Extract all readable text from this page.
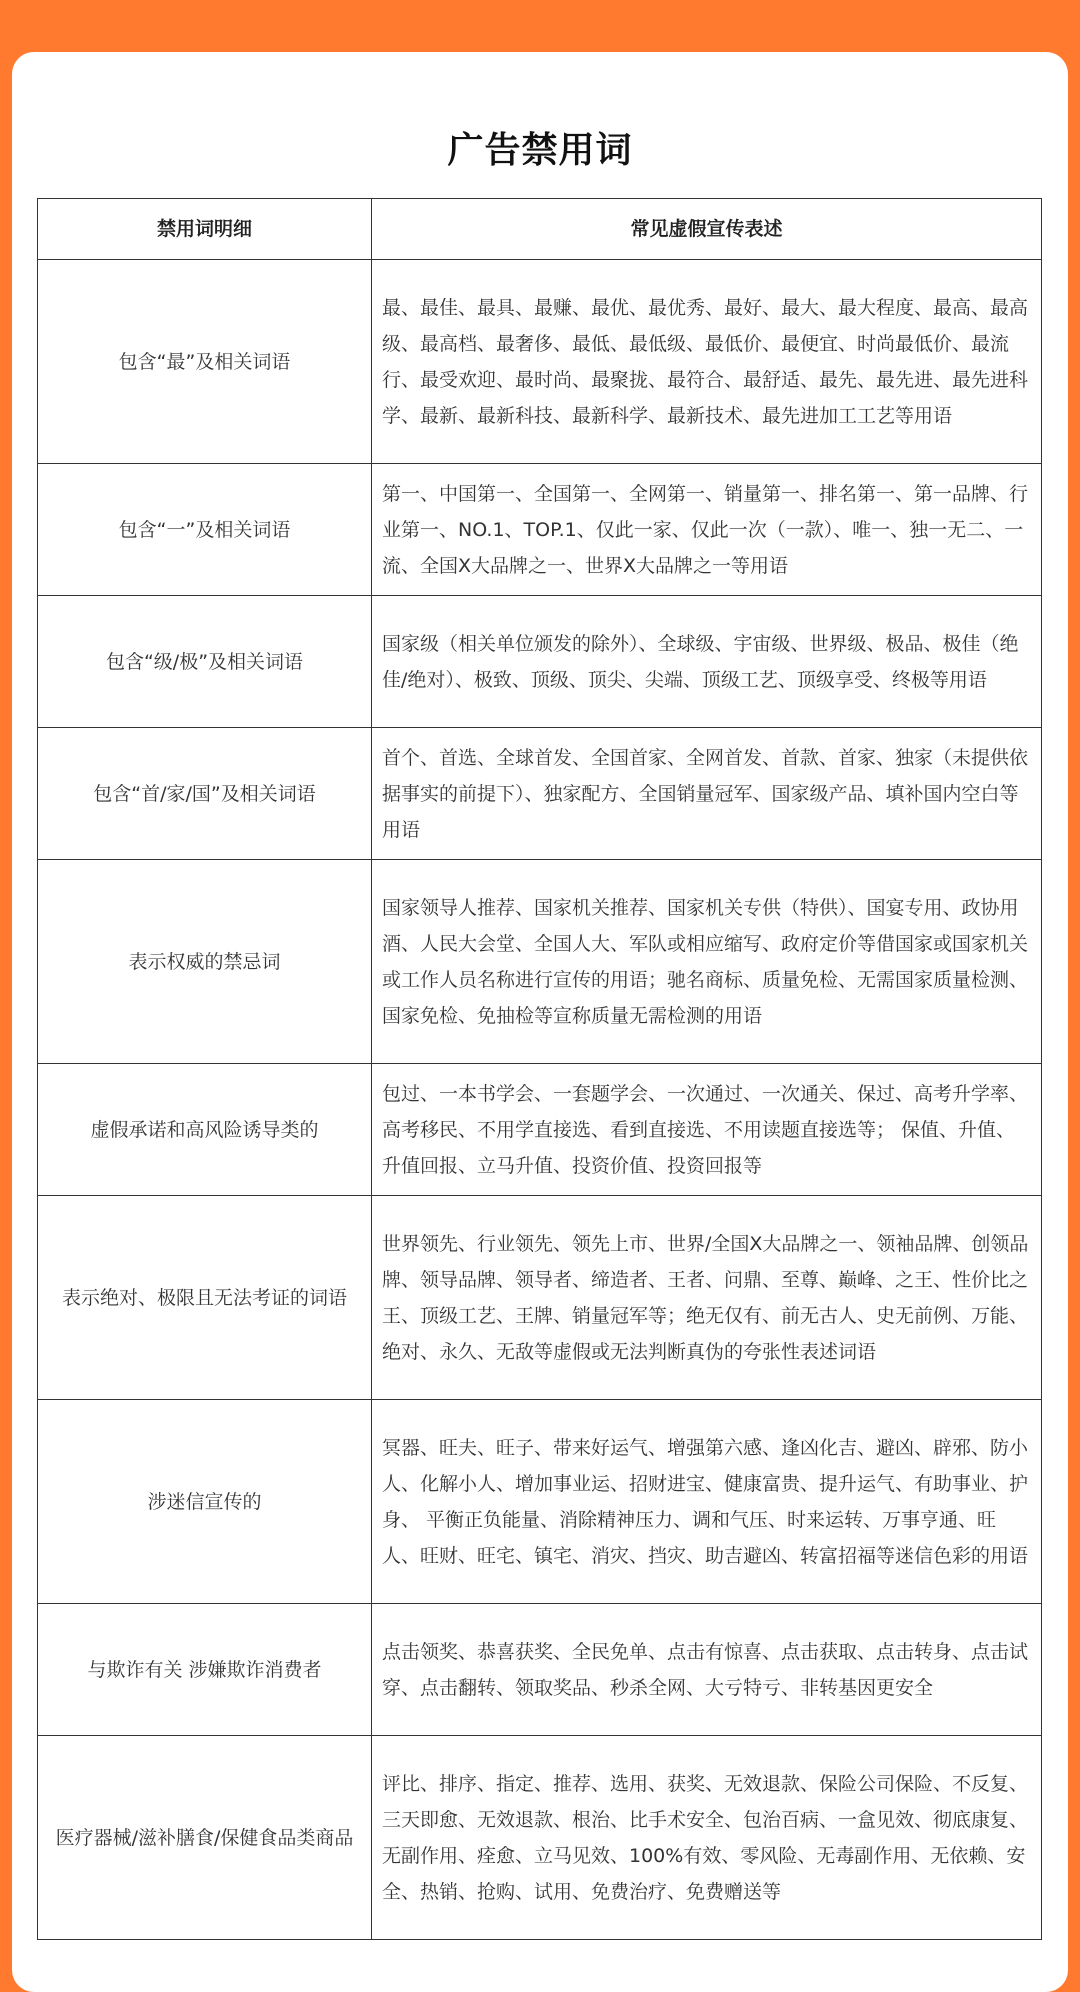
广告禁用词
禁用词明细	常见虚假宣传表述
包含“最”及相关词语	最、最佳、最具、最赚、最优、最优秀、最好、最大、最大程度、最高、最高级、最高档、最奢侈、最低、最低级、最低价、最便宜、时尚最低价、最流行、最受欢迎、最时尚、最聚拢、最符合、最舒适、最先、最先进、最先进科学、最新、最新科技、最新科学、最新技术、最先进加工工艺等用语
包含“一”及相关词语	第一、中国第一、全国第一、全网第一、销量第一、排名第一、第一品牌、行业第一、NO.1、TOP.1、仅此一家、仅此一次（一款）、唯一、独一无二、一流、全国X大品牌之一、世界X大品牌之一等用语
包含“级/极”及相关词语	国家级（相关单位颁发的除外）、全球级、宇宙级、世界级、极品、极佳（绝佳/绝对）、极致、顶级、顶尖、尖端、顶级工艺、顶级享受、终极等用语
包含“首/家/国”及相关词语	首个、首选、全球首发、全国首家、全网首发、首款、首家、独家（未提供依据事实的前提下）、独家配方、全国销量冠军、国家级产品、填补国内空白等用语
表示权威的禁忌词	国家领导人推荐、国家机关推荐、国家机关专供（特供）、国宴专用、政协用酒、人民大会堂、全国人大、军队或相应缩写、政府定价等借国家或国家机关或工作人员名称进行宣传的用语；驰名商标、质量免检、无需国家质量检测、国家免检、免抽检等宣称质量无需检测的用语
虚假承诺和高风险诱导类的	包过、一本书学会、一套题学会、一次通过、一次通关、保过、高考升学率、高考移民、不用学直接选、看到直接选、不用读题直接选等； 保值、升值、升值回报、立马升值、投资价值、投资回报等
表示绝对、极限且无法考证的词语	世界领先、行业领先、领先上市、世界/全国X大品牌之一、领袖品牌、创领品牌、领导品牌、领导者、缔造者、王者、问鼎、至尊、巅峰、之王、性价比之王、顶级工艺、王牌、销量冠军等；绝无仅有、前无古人、史无前例、万能、绝对、永久、无敌等虚假或无法判断真伪的夸张性表述词语
涉迷信宣传的	冥器、旺夫、旺子、带来好运气、增强第六感、逢凶化吉、避凶、辟邪、防小人、化解小人、增加事业运、招财进宝、健康富贵、提升运气、有助事业、护身、 平衡正负能量、消除精神压力、调和气压、时来运转、万事亨通、旺人、旺财、旺宅、镇宅、消灾、挡灾、助吉避凶、转富招福等迷信色彩的用语
与欺诈有关 涉嫌欺诈消费者	点击领奖、恭喜获奖、全民免单、点击有惊喜、点击获取、点击转身、点击试穿、点击翻转、领取奖品、秒杀全网、大亏特亏、非转基因更安全
医疗器械/滋补膳食/保健食品类商品	评比、排序、指定、推荐、选用、获奖、无效退款、保险公司保险、不反复、三天即愈、无效退款、根治、比手术安全、包治百病、一盒见效、彻底康复、无副作用、痊愈、立马见效、100%有效、零风险、无毒副作用、无依赖、安全、热销、抢购、试用、免费治疗、免费赠送等
